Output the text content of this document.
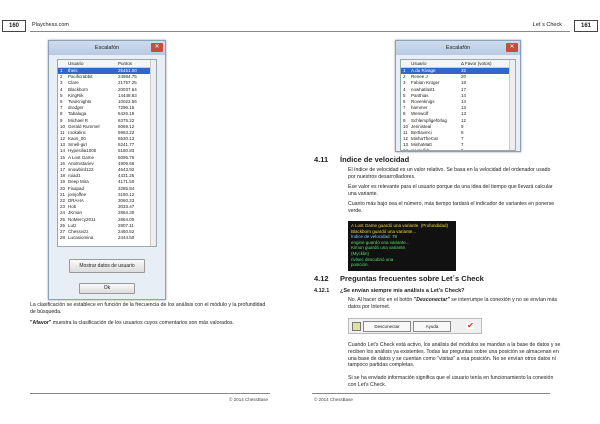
160	Playchess.com
Escalafón	✕
Usuario	Puntos
1	theis	25451.00
2	Pacificrabbit	24984.75
3	Clare	21757.25
4	Blackborn	20037.64
5	KingRik	14448.83
6	TwoKnights	10022.56
7	drodger	7296.15
8	Tabaluga	6426.19
9	Michael R	6375.22
10 Gerald Rummel	6069.12
11 rookalinc	5963.22
12 Kaos_00	5530.13
13 Smell-girl	5241.77
14 Hypesilia1000	5180.83
15 A Lost Game	5095.76
16 Antimistariev	4909.66
17 snowbird122	4643.92
18 roiad1	4431.26
19 Deep Mira	4171.50
20 Fixapad	3285.84
21 jomjoffee	3180.12
22 DRAHA	3060.23
23 Hob	3033.47
24 JKman	2864.30
25 NoMercy2011	2864.00
26 Lutz	2807.11
27 Chessvizz	2460.52
28 Lucasiomina	2444.50
Mostrar datos de usuario
Ok
La clasificación se establece en función de la frecuencia de los análisis con el módulo y la profundidad de búsqueda.
"Afavor" muestra la clasificación de los usuarios cuyos comentarios son más valorados.
© 2014 ChessBase
161
Let´s Check
Escalafón	✕
Usuario	Δ Favor (votos)
1	A.du Rivage	32
2	Renee J	20
3	Fabian Krüger	18
4	nowhatlast1	17
5	Panthias	14
6	Rovenknigs	14
7	hammer	13
8	Wenwolf	13
9	Schlempfigeförlag	12
10 Jennisteal	9
11 Bertlavinci	8
12 MishaTheCat	7
13 MishaMatt	7
14 xyyqwlkk	6
4.11 Índice de velocidad
El índice de velocidad es un valor relativo. Se basa en la velocidad del ordenador usado por nuestros desarrolladores.
Ese valor es relevante para el usuario porque da una idea del tiempo que llevará calcular una variante.
Cuanto más bajo sea el número, más tiempo tardará el indicador de variantes en ponerse verde.
A Lost Game guardó una variante. (Profundidad)
Blackborn guardó una variante...
Índice de velocidad: 78
engine guardó una variante...
Kimon guardó una variante.
(Mycklin)
rivlsec descubrió una
posición.
4.12 Preguntas frecuentes sobre Let´s Check
4.12.1 ¿Se envían siempre mis análisis a Let's Check?
No. Al hacer clic en el botón "Desconectar" se interrumpe la conexión y no se envían más datos por Internet.
Desconectar	Ayuda	✔
Cuando Let's Check está activo, los análisis del módulos se mandan a la base de datos y se reciben los análisis ya existentes. Todas las preguntas sobre una posición se almacenan en una base de datos y se cuentan como "visitas" a esa posición. No se envían otros datos ni tampoco partidas completas.
Si se ha enviado información significa que el usuario tenía en funcionamiento la conexión con Let's Check.
© 2014 ChessBase
